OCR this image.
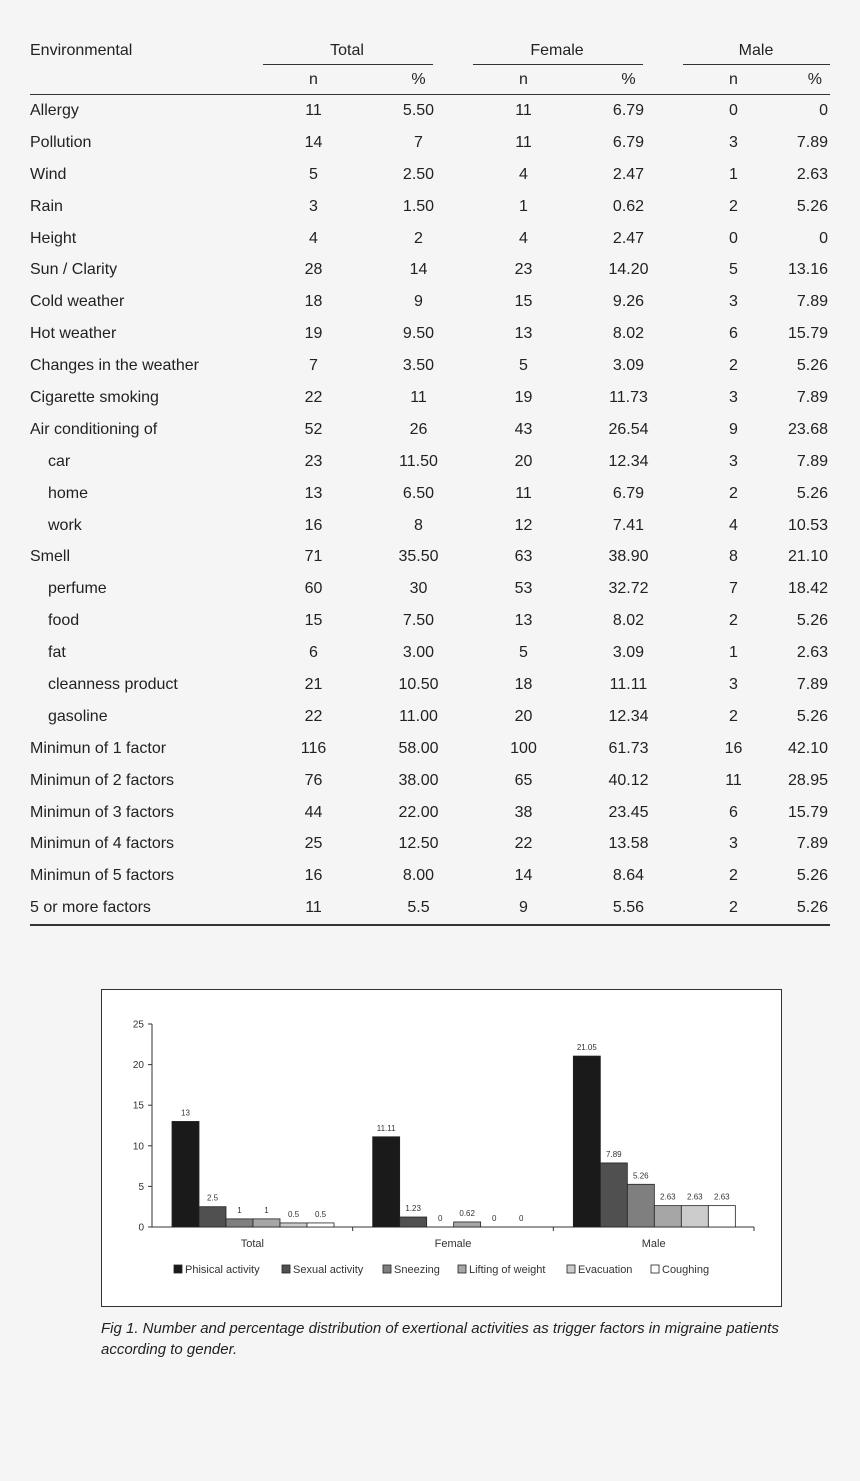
Environmental	Total		Female		Male	

	n	%	n	%	n	%
Allergy	11	5.50	11	6.79	0	0
Pollution	14	7	11	6.79	3	7.89
Wind	5	2.50	4	2.47	1	2.63
Rain	3	1.50	1	0.62	2	5.26
Height	4	2	4	2.47	0	0
Sun / Clarity	28	14	23	14.20	5	13.16
Cold weather	18	9	15	9.26	3	7.89
Hot weather	19	9.50	13	8.02	6	15.79
Changes in the weather	7	3.50	5	3.09	2	5.26
Cigarette smoking	22	11	19	11.73	3	7.89
Air conditioning of	52	26	43	26.54	9	23.68
car	23	11.50	20	12.34	3	7.89
home	13	6.50	11	6.79	2	5.26
work	16	8	12	7.41	4	10.53
Smell	71	35.50	63	38.90	8	21.10
perfume	60	30	53	32.72	7	18.42
food	15	7.50	13	8.02	2	5.26
fat	6	3.00	5	3.09	1	2.63
cleanness product	21	10.50	18	11.11	3	7.89
gasoline	22	11.00	20	12.34	2	5.26
Minimun of 1 factor	116	58.00	100	61.73	16	42.10
Minimun of 2 factors	76	38.00	65	40.12	11	28.95
Minimun of 3 factors	44	22.00	38	23.45	6	15.79
Minimun of 4 factors	25	12.50	22	13.58	3	7.89
Minimun of 5 factors	16	8.00	14	8.64	2	5.26
5 or more factors	11	5.5	9	5.56	2	5.26
0
5
10
15
20
25
13
2.5
1	1 0.5 0.5
Total
11.11
1.23
0
0.62
0	0
Female
21.05
7.89
5.26
2.63 2.63 2.63
Male
Phisical activity	Sexual activity	Sneezing	Lifting of weight	Evacuation	Coughing
Fig 1. Number and percentage distribution of exertional activities as trigger factors in migraine patients according to gender.
